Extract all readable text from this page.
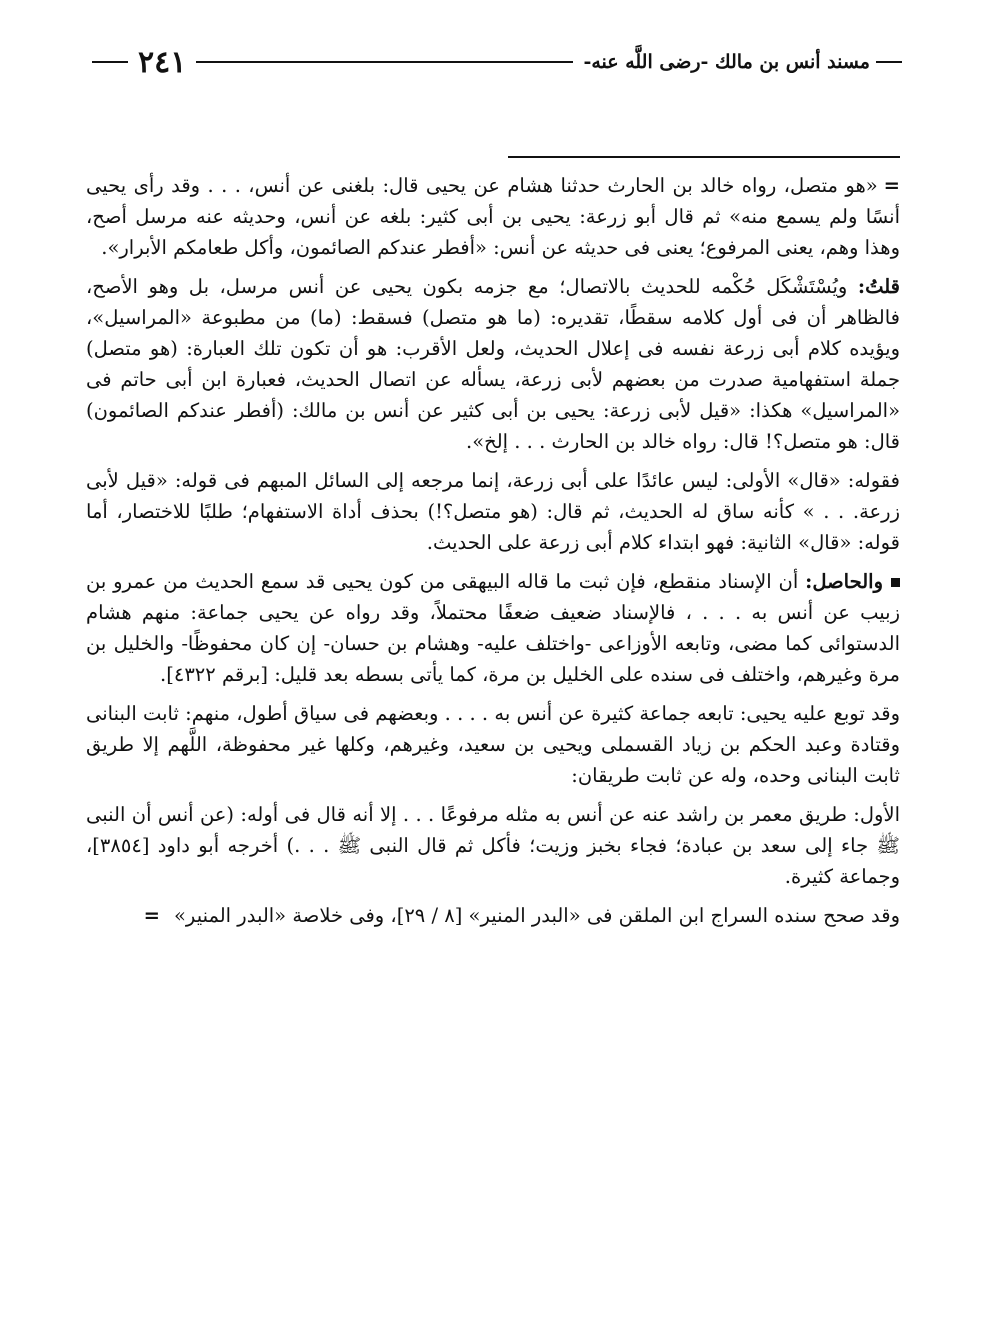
مسند أنس بن مالك -رضى اللَّه عنه-
٢٤١

=«هو متصل، رواه خالد بن الحارث حدثنا هشام عن يحيى قال: بلغنى عن أنس، . . . وقد رأى يحيى أنسًا ولم يسمع منه» ثم قال أبو زرعة: يحيى بن أبى كثير: بلغه عن أنس، وحديثه عنه مرسل أصح، وهذا وهم، يعنى المرفوع؛ يعنى فى حديثه عن أنس: «أفطر عندكم الصائمون، وأكل طعامكم الأبرار».

قلتُ: ويُسْتَشْكَل حُكْمه للحديث بالاتصال؛ مع جزمه بكون يحيى عن أنس مرسل، بل وهو الأصح، فالظاهر أن فى أول كلامه سقطًا، تقديره: (ما هو متصل) فسقط: (ما) من مطبوعة «المراسيل»، ويؤيده كلام أبى زرعة نفسه فى إعلال الحديث، ولعل الأقرب: هو أن تكون تلك العبارة: (هو متصل) جملة استفهامية صدرت من بعضهم لأبى زرعة، يسأله عن اتصال الحديث، فعبارة ابن أبى حاتم فى «المراسيل» هكذا: «قيل لأبى زرعة: يحيى بن أبى كثير عن أنس بن مالك: (أفطر عندكم الصائمون) قال: هو متصل؟! قال: رواه خالد بن الحارث . . . إلخ».

فقوله: «قال» الأولى: ليس عائدًا على أبى زرعة، إنما مرجعه إلى السائل المبهم فى قوله: «قيل لأبى زرعة. . . » كأنه ساق له الحديث، ثم قال: (هو متصل؟!) بحذف أداة الاستفهام؛ طلبًا للاختصار، أما قوله: «قال» الثانية: فهو ابتداء كلام أبى زرعة على الحديث.

والحاصل: أن الإسناد منقطع، فإن ثبت ما قاله البيهقى من كون يحيى قد سمع الحديث من عمرو بن زبيب عن أنس به . . . ، فالإسناد ضعيف ضعفًا محتملاً، وقد رواه عن يحيى جماعة: منهم هشام الدستوائى كما مضى، وتابعه الأوزاعى -واختلف عليه- وهشام بن حسان- إن كان محفوظًا- والخليل بن مرة وغيرهم، واختلف فى سنده على الخليل بن مرة، كما يأتى بسطه بعد قليل: [برقم ٤٣٢٢].

وقد توبع عليه يحيى: تابعه جماعة كثيرة عن أنس به . . . . وبعضهم فى سياق أطول، منهم: ثابت البنانى وقتادة وعبد الحكم بن زياد القسملى ويحيى بن سعيد، وغيرهم، وكلها غير محفوظة، اللَّهم إلا طريق ثابت البنانى وحده، وله عن ثابت طريقان:

الأول: طريق معمر بن راشد عنه عن أنس به مثله مرفوعًا . . . إلا أنه قال فى أوله: (عن أنس أن النبى ﷺ جاء إلى سعد بن عبادة؛ فجاء بخبز وزيت؛ فأكل ثم قال النبى ﷺ . . .) أخرجه أبو داود [٣٨٥٤]، وجماعة كثيرة.

وقد صحح سنده السراج ابن الملقن فى «البدر المنير» [٨ / ٢٩]، وفى خلاصة «البدر المنير»=
